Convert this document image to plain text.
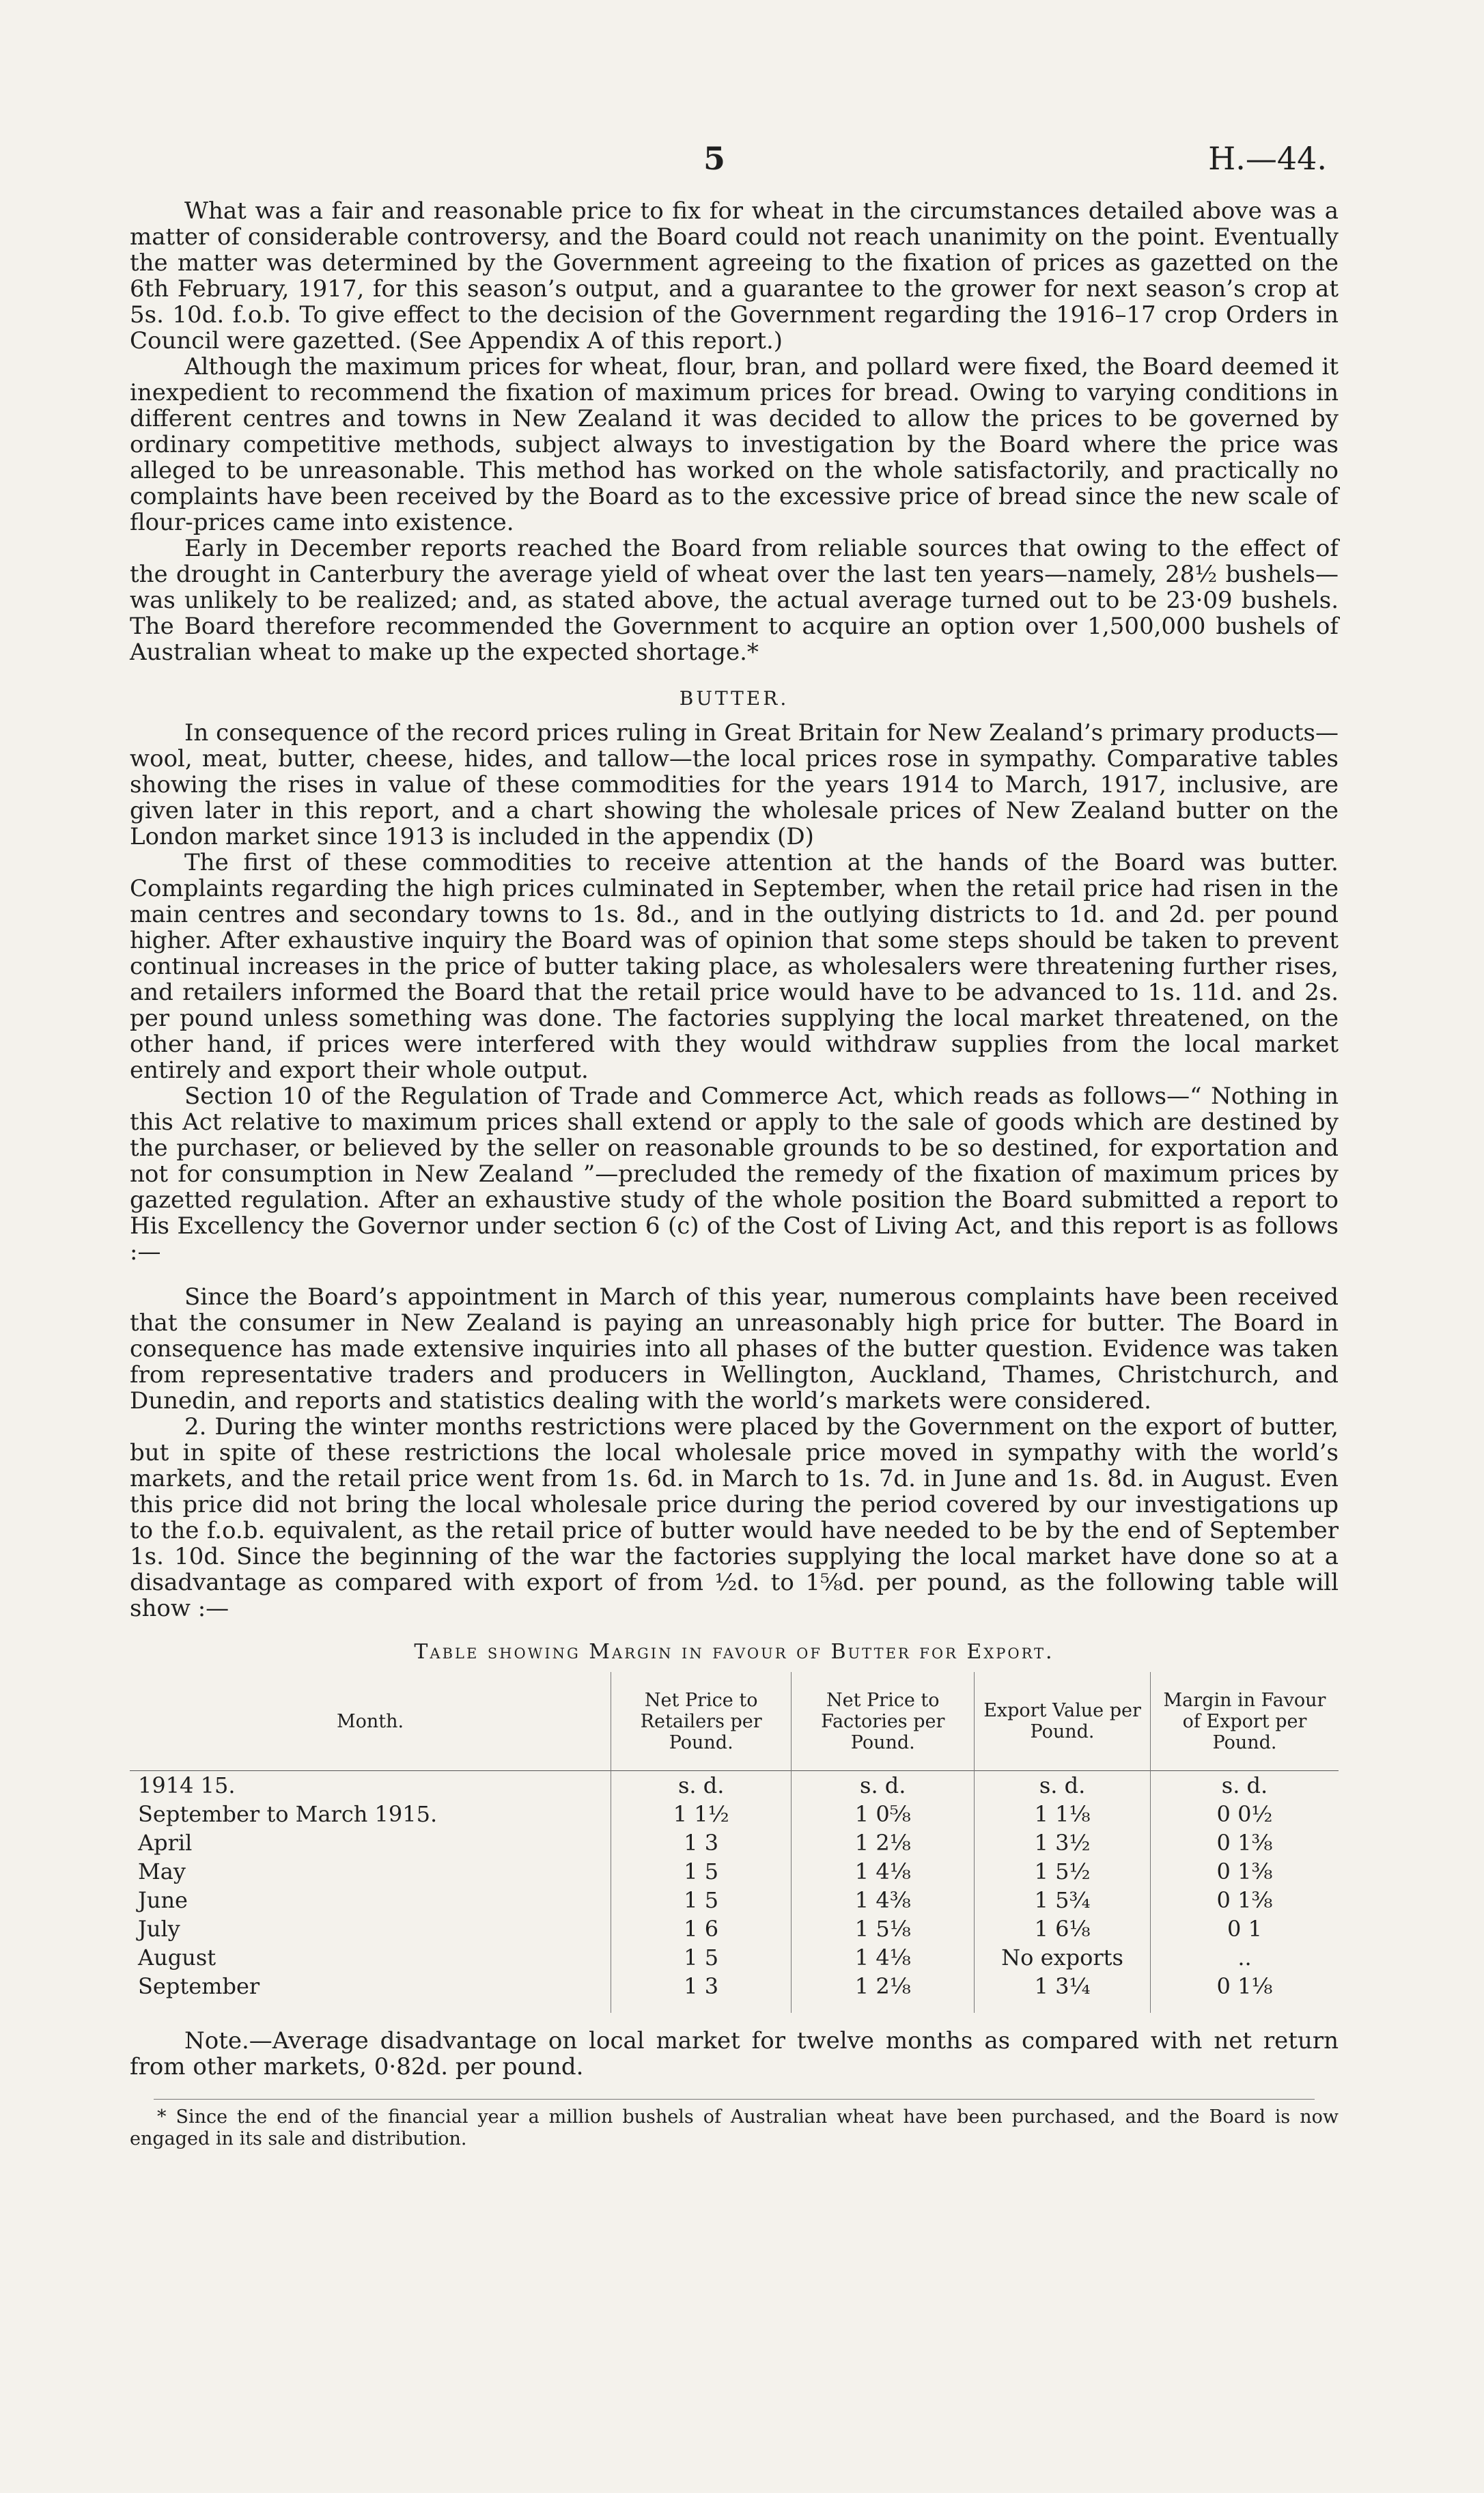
5	H.—44.

What was a fair and reasonable price to fix for wheat in the circumstances detailed above was a matter of considerable controversy, and the Board could not reach unanimity on the point. Eventually the matter was determined by the Government agreeing to the fixation of prices as gazetted on the 6th February, 1917, for this season’s output, and a guarantee to the grower for next season’s crop at 5s. 10d. f.o.b. To give effect to the decision of the Government regarding the 1916–17 crop Orders in Council were gazetted. (See Appendix A of this report.)

Although the maximum prices for wheat, flour, bran, and pollard were fixed, the Board deemed it inexpedient to recommend the fixation of maximum prices for bread. Owing to varying conditions in different centres and towns in New Zealand it was decided to allow the prices to be governed by ordinary competitive methods, subject always to investigation by the Board where the price was alleged to be unreasonable. This method has worked on the whole satisfactorily, and practically no complaints have been received by the Board as to the excessive price of bread since the new scale of flour-prices came into existence.

Early in December reports reached the Board from reliable sources that owing to the effect of the drought in Canterbury the average yield of wheat over the last ten years—namely, 28½ bushels—was unlikely to be realized; and, as stated above, the actual average turned out to be 23·09 bushels. The Board therefore recommended the Government to acquire an option over 1,500,000 bushels of Australian wheat to make up the expected shortage.*

BUTTER.

In consequence of the record prices ruling in Great Britain for New Zealand’s primary products—wool, meat, butter, cheese, hides, and tallow—the local prices rose in sympathy. Comparative tables showing the rises in value of these commodities for the years 1914 to March, 1917, inclusive, are given later in this report, and a chart showing the wholesale prices of New Zealand butter on the London market since 1913 is included in the appendix (D)

The first of these commodities to receive attention at the hands of the Board was butter. Complaints regarding the high prices culminated in September, when the retail price had risen in the main centres and secondary towns to 1s. 8d., and in the outlying districts to 1d. and 2d. per pound higher. After exhaustive inquiry the Board was of opinion that some steps should be taken to prevent continual increases in the price of butter taking place, as wholesalers were threatening further rises, and retailers informed the Board that the retail price would have to be advanced to 1s. 11d. and 2s. per pound unless something was done. The factories supplying the local market threatened, on the other hand, if prices were interfered with they would withdraw supplies from the local market entirely and export their whole output.

Section 10 of the Regulation of Trade and Commerce Act, which reads as follows—“ Nothing in this Act relative to maximum prices shall extend or apply to the sale of goods which are destined by the purchaser, or believed by the seller on reasonable grounds to be so destined, for exportation and not for consumption in New Zealand ”—precluded the remedy of the fixation of maximum prices by gazetted regulation. After an exhaustive study of the whole position the Board submitted a report to His Excellency the Governor under section 6 (c) of the Cost of Living Act, and this report is as follows :—

Since the Board’s appointment in March of this year, numerous complaints have been received that the consumer in New Zealand is paying an unreasonably high price for butter. The Board in consequence has made extensive inquiries into all phases of the butter question. Evidence was taken from representative traders and producers in Wellington, Auckland, Thames, Christchurch, and Dunedin, and reports and statistics dealing with the world’s markets were considered.

2. During the winter months restrictions were placed by the Government on the export of butter, but in spite of these restrictions the local wholesale price moved in sympathy with the world’s markets, and the retail price went from 1s. 6d. in March to 1s. 7d. in June and 1s. 8d. in August. Even this price did not bring the local wholesale price during the period covered by our investigations up to the f.o.b. equivalent, as the retail price of butter would have needed to be by the end of September 1s. 10d. Since the beginning of the war the factories supplying the local market have done so at a disadvantage as compared with export of from ½d. to 1⅝d. per pound, as the following table will show :—

Table showing Margin in favour of Butter for Export.
Month.	Net Price to Retailers per Pound.	Net Price to Factories per Pound.	Export Value per Pound.	Margin in Favour of Export per Pound.
1914 15.	s. d.	s. d.	s. d.	s. d.
September to March 1915.	1 1½	1 0⅝	1 1⅛	0 0½
April	1 3	1 2⅛	1 3½	0 1⅜
May	1 5	1 4⅛	1 5½	0 1⅜
June	1 5	1 4⅜	1 5¾	0 1⅜
July	1 6	1 5⅛	1 6⅛	0 1
August	1 5	1 4⅛	No exports	..
September	1 3	1 2⅛	1 3¼	0 1⅛

Note.—Average disadvantage on local market for twelve months as compared with net return from other markets, 0·82d. per pound.

* Since the end of the financial year a million bushels of Australian wheat have been purchased, and the Board is now engaged in its sale and distribution.
